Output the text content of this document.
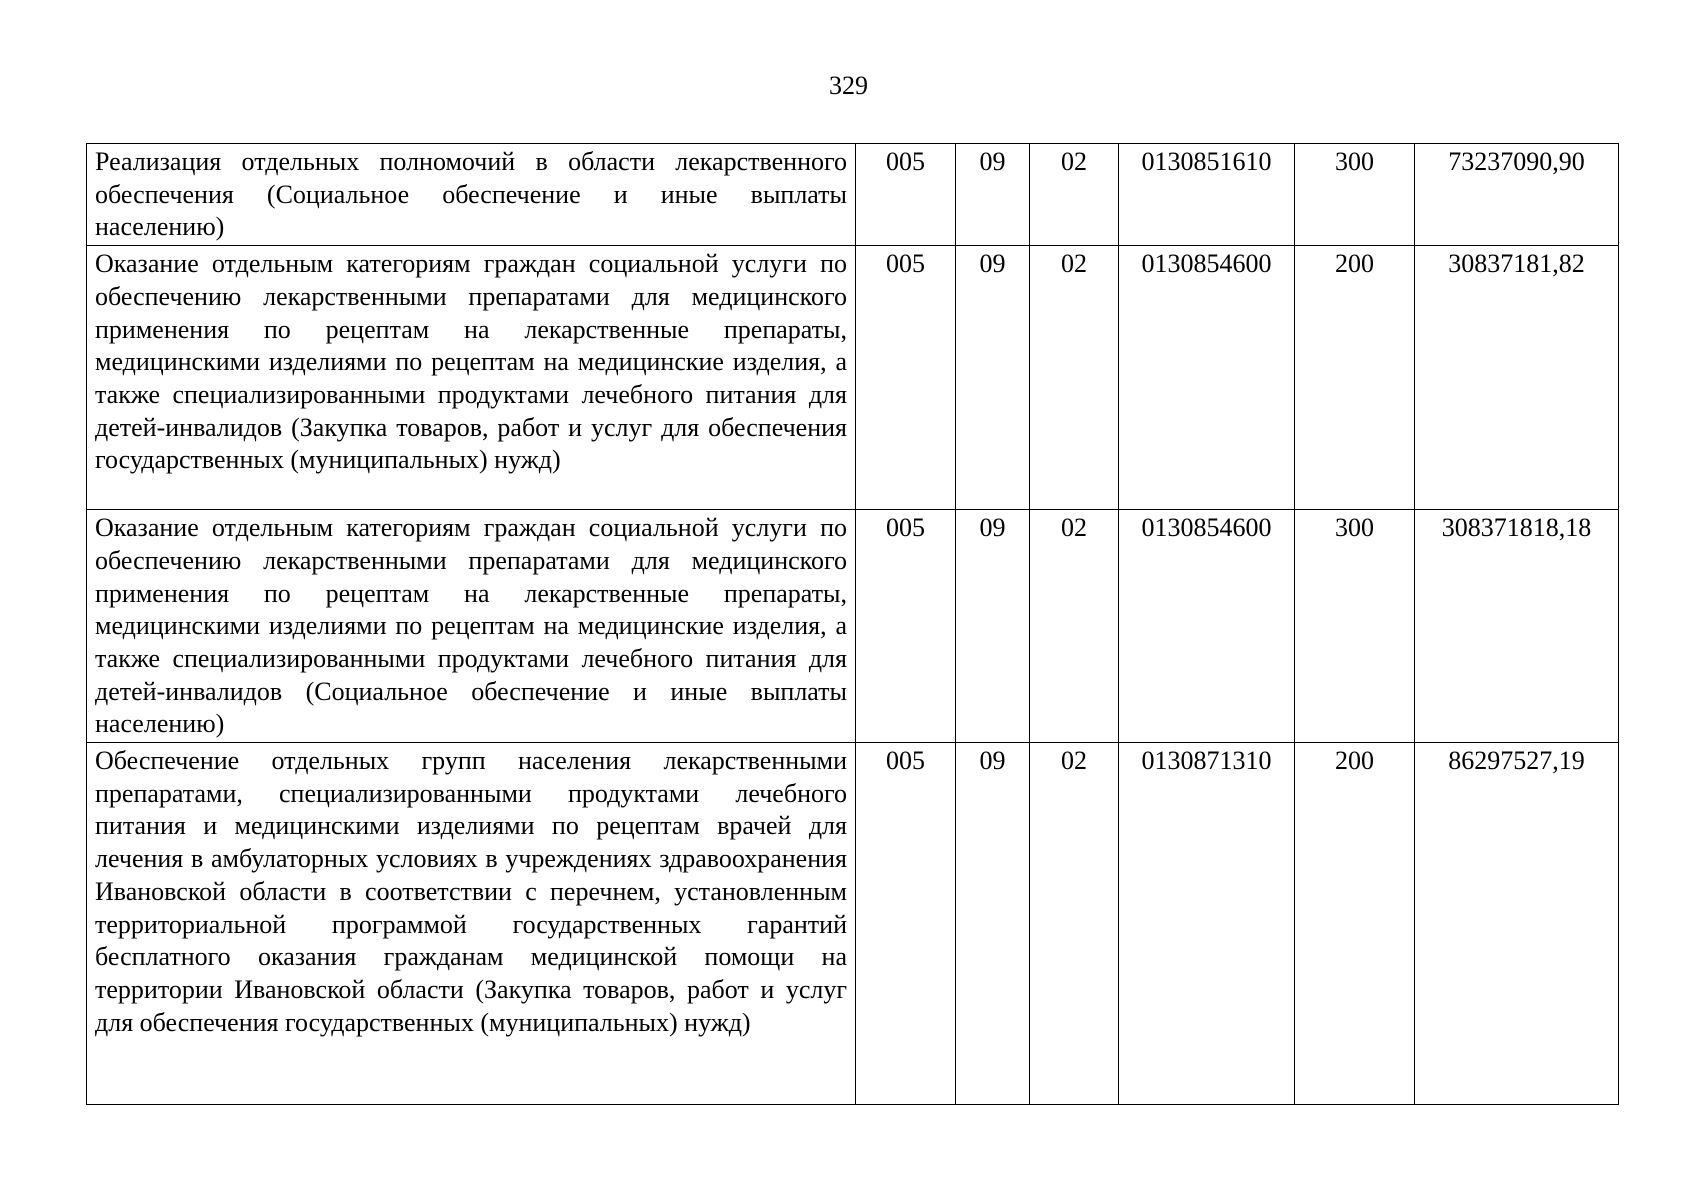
329
Реализация отдельных полномочий в области лекарственного обеспечения (Социальное обеспечение и иные выплаты населению)	005	09	02	0130851610	300	73237090,90
Оказание отдельным категориям граждан социальной услуги по обеспечению лекарственными препаратами для медицинского применения по рецептам на лекарственные препараты, медицинскими изделиями по рецептам на медицинские изделия, а также специализированными продуктами лечебного питания для детей-инвалидов (Закупка товаров, работ и услуг для обеспечения государственных (муниципальных) нужд)	005	09	02	0130854600	200	30837181,82
Оказание отдельным категориям граждан социальной услуги по обеспечению лекарственными препаратами для медицинского применения по рецептам на лекарственные препараты, медицинскими изделиями по рецептам на медицинские изделия, а также специализированными продуктами лечебного питания для детей-инвалидов (Социальное обеспечение и иные выплаты населению)	005	09	02	0130854600	300	308371818,18
Обеспечение отдельных групп населения лекарственными препаратами, специализированными продуктами лечебного питания и медицинскими изделиями по рецептам врачей для лечения в амбулаторных условиях в учреждениях здравоохранения Ивановской области в соответствии с перечнем, установленным территориальной программой государственных гарантий бесплатного оказания гражданам медицинской помощи на территории Ивановской области (Закупка товаров, работ и услуг для обеспечения государственных (муниципальных) нужд)	005	09	02	0130871310	200	86297527,19
